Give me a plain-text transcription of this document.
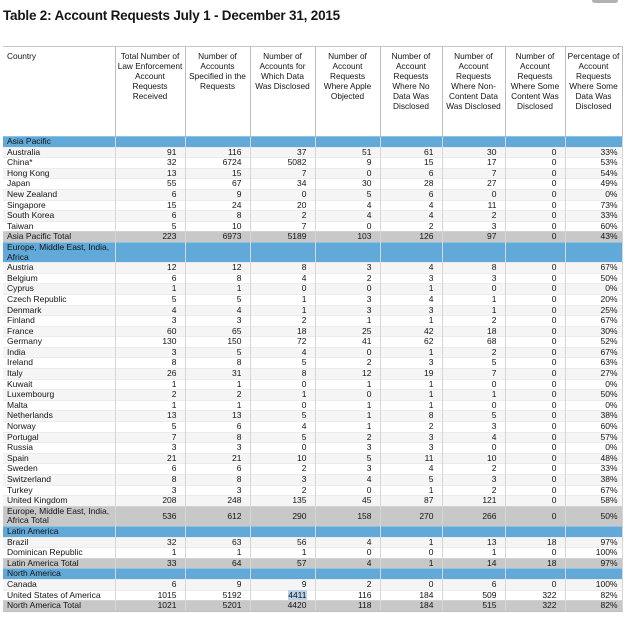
Table 2: Account Requests July 1 - December 31, 2015
Country	Total Number of Law Enforcement Account Requests Received	Number of Accounts Specified in the Requests	Number of Accounts for Which Data Was Disclosed	Number of Account Requests Where Apple Objected	Number of Account Requests Where No Data Was Disclosed	Number of Account Requests Where Non-Content Data Was Disclosed	Number of Account Requests Where Some Content Was Disclosed	Percentage of Account Requests Where Some Data Was Disclosed
Asia Pacific								
Australia	91	116	37	51	61	30	0	33%
China*	32	6724	5082	9	15	17	0	53%
Hong Kong	13	15	7	0	6	7	0	54%
Japan	55	67	34	30	28	27	0	49%
New Zealand	6	9	0	5	6	0	0	0%
Singapore	15	24	20	4	4	11	0	73%
South Korea	6	8	2	4	4	2	0	33%
Taiwan	5	10	7	0	2	3	0	60%
Asia Pacific Total	223	6973	5189	103	126	97	0	43%
Europe, Middle East, India, Africa								
Austria	12	12	8	3	4	8	0	67%
Belgium	6	8	4	2	3	3	0	50%
Cyprus	1	1	0	0	1	0	0	0%
Czech Republic	5	5	1	3	4	1	0	20%
Denmark	4	4	1	3	3	1	0	25%
Finland	3	3	2	1	1	2	0	67%
France	60	65	18	25	42	18	0	30%
Germany	130	150	72	41	62	68	0	52%
India	3	5	4	0	1	2	0	67%
Ireland	8	8	5	2	3	5	0	63%
Italy	26	31	8	12	19	7	0	27%
Kuwait	1	1	0	1	1	0	0	0%
Luxembourg	2	2	1	0	1	1	0	50%
Malta	1	1	0	1	1	0	0	0%
Netherlands	13	13	5	1	8	5	0	38%
Norway	5	6	4	1	2	3	0	60%
Portugal	7	8	5	2	3	4	0	57%
Russia	3	3	0	3	3	0	0	0%
Spain	21	21	10	5	11	10	0	48%
Sweden	6	6	2	3	4	2	0	33%
Switzerland	8	8	3	4	5	3	0	38%
Turkey	3	3	2	0	1	2	0	67%
United Kingdom	208	248	135	45	87	121	0	58%
Europe, Middle East, India, Africa Total	536	612	290	158	270	266	0	50%
Latin America								
Brazil	32	63	56	4	1	13	18	97%
Dominican Republic	1	1	1	0	0	1	0	100%
Latin America Total	33	64	57	4	1	14	18	97%
North America								
Canada	6	9	9	2	0	6	0	100%
United States of America	1015	5192	4411	116	184	509	322	82%
North America Total	1021	5201	4420	118	184	515	322	82%
